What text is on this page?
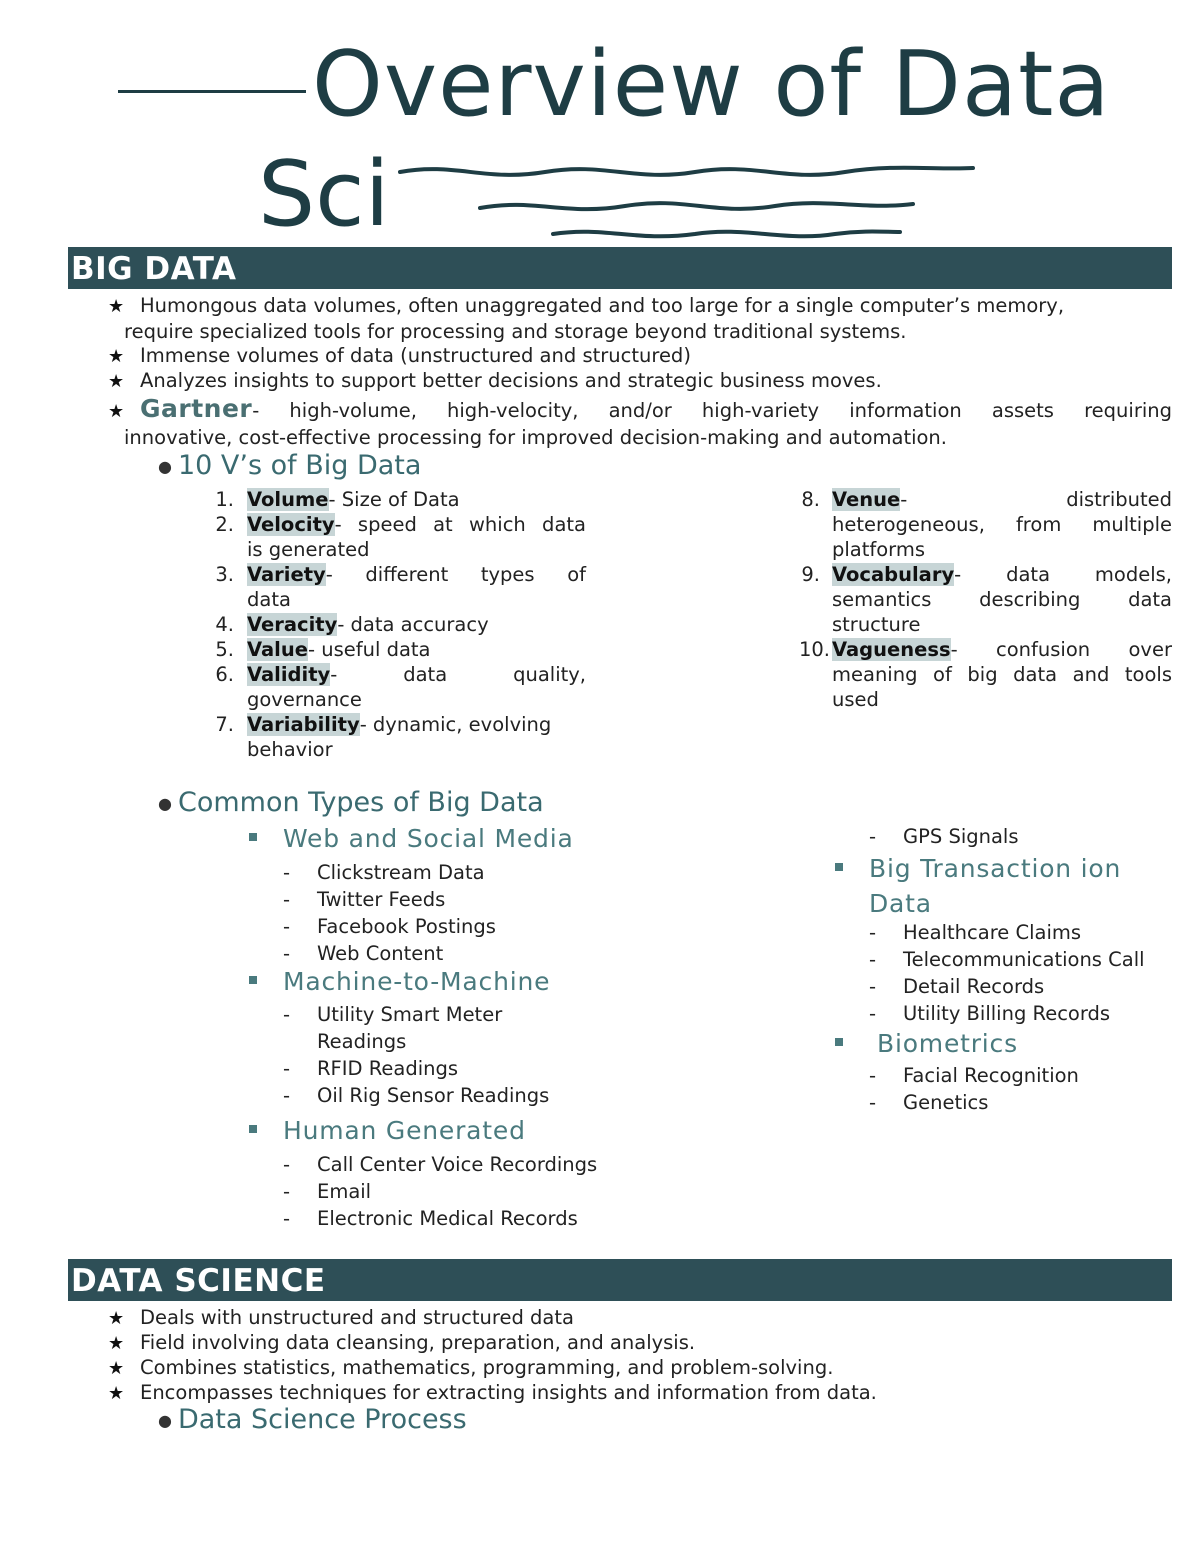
Overview of Data
Sci
BIG DATA
★ Humongous data volumes, often unaggregated and too large for a single computer’s memory,
require specialized tools for processing and storage beyond traditional systems.
★ Immense volumes of data (unstructured and structured)
★ Analyzes insights to support better decisions and strategic business moves.
★ Gartner - high-volume, high-velocity, and/or high-variety information assets requiring
innovative, cost-effective processing for improved decision-making and automation.
● 10 V’s of Big Data
1. Volume- Size of Data
2. Velocity- speed at which data
is generated
3. Variety- different types of
data
4. Veracity- data accuracy
5. Value- useful data
6. Validity- data quality,
governance
7. Variability- dynamic, evolving
behavior
8. Venue- distributed
heterogeneous, from multiple
platforms
9. Vocabulary- data models,
semantics describing data
structure
10. Vagueness- confusion over
meaning of big data and tools
used
● Common Types of Big Data
Web and Social Media
- Clickstream Data
- Twitter Feeds
- Facebook Postings
- Web Content
Machine-to-Machine
- Utility Smart Meter
Readings
- RFID Readings
- Oil Rig Sensor Readings
Human Generated
- Call Center Voice Recordings
- Email
- Electronic Medical Records
- GPS Signals
Big Transaction ion
Data
- Healthcare Claims
- Telecommunications Call
- Detail Records
- Utility Billing Records
Biometrics
- Facial Recognition
- Genetics
DATA SCIENCE
★ Deals with unstructured and structured data
★ Field involving data cleansing, preparation, and analysis.
★ Combines statistics, mathematics, programming, and problem-solving.
★ Encompasses techniques for extracting insights and information from data.
● Data Science Process
